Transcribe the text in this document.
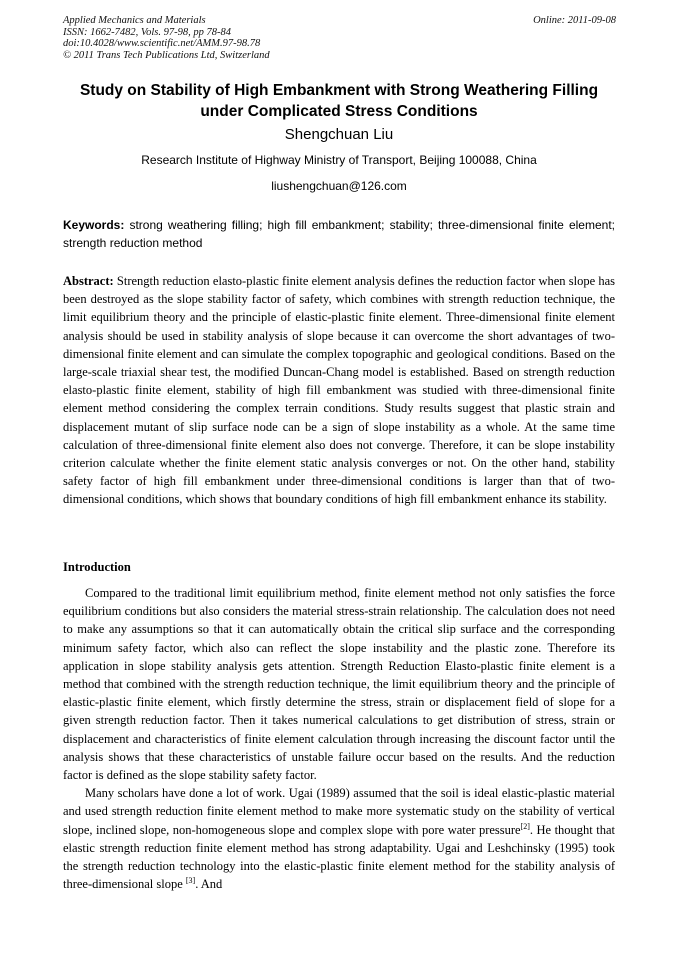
Applied Mechanics and Materials
ISSN: 1662-7482, Vols. 97-98, pp 78-84
doi:10.4028/www.scientific.net/AMM.97-98.78
© 2011 Trans Tech Publications Ltd, Switzerland
Online: 2011-09-08
Study on Stability of High Embankment with Strong Weathering Filling
under Complicated Stress Conditions
Shengchuan Liu
Research Institute of Highway Ministry of Transport, Beijing 100088, China
liushengchuan@126.com
Keywords: strong weathering filling; high fill embankment; stability; three-dimensional finite element; strength reduction method
Abstract: Strength reduction elasto-plastic finite element analysis defines the reduction factor when slope has been destroyed as the slope stability factor of safety, which combines with strength reduction technique, the limit equilibrium theory and the principle of elastic-plastic finite element. Three-dimensional finite element analysis should be used in stability analysis of slope because it can overcome the short advantages of two-dimensional finite element and can simulate the complex topographic and geological conditions. Based on the large-scale triaxial shear test, the modified Duncan-Chang model is established. Based on strength reduction elasto-plastic finite element, stability of high fill embankment was studied with three-dimensional finite element method considering the complex terrain conditions. Study results suggest that plastic strain and displacement mutant of slip surface node can be a sign of slope instability as a whole. At the same time calculation of three-dimensional finite element also does not converge. Therefore, it can be slope instability criterion calculate whether the finite element static analysis converges or not. On the other hand, stability safety factor of high fill embankment under three-dimensional conditions is larger than that of two-dimensional conditions, which shows that boundary conditions of high fill embankment enhance its stability.
Introduction

Compared to the traditional limit equilibrium method, finite element method not only satisfies the force equilibrium conditions but also considers the material stress-strain relationship. The calculation does not need to make any assumptions so that it can automatically obtain the critical slip surface and the corresponding minimum safety factor, which also can reflect the slope instability and the plastic zone. Therefore its application in slope stability analysis gets attention. Strength Reduction Elasto-plastic finite element is a method that combined with the strength reduction technique, the limit equilibrium theory and the principle of elastic-plastic finite element, which firstly determine the stress, strain or displacement field of slope for a given strength reduction factor. Then it takes numerical calculations to get distribution of stress, strain or displacement and characteristics of finite element calculation through increasing the discount factor until the analysis shows that these characteristics of unstable failure occur based on the results. And the reduction factor is defined as the slope stability safety factor.

Many scholars have done a lot of work. Ugai (1989) assumed that the soil is ideal elastic-plastic material and used strength reduction finite element method to make more systematic study on the stability of vertical slope, inclined slope, non-homogeneous slope and complex slope with pore water pressure[2]. He thought that elastic strength reduction finite element method has strong adaptability. Ugai and Leshchinsky (1995) took the strength reduction technology into the elastic-plastic finite element method for the stability analysis of three-dimensional slope [3]. And
